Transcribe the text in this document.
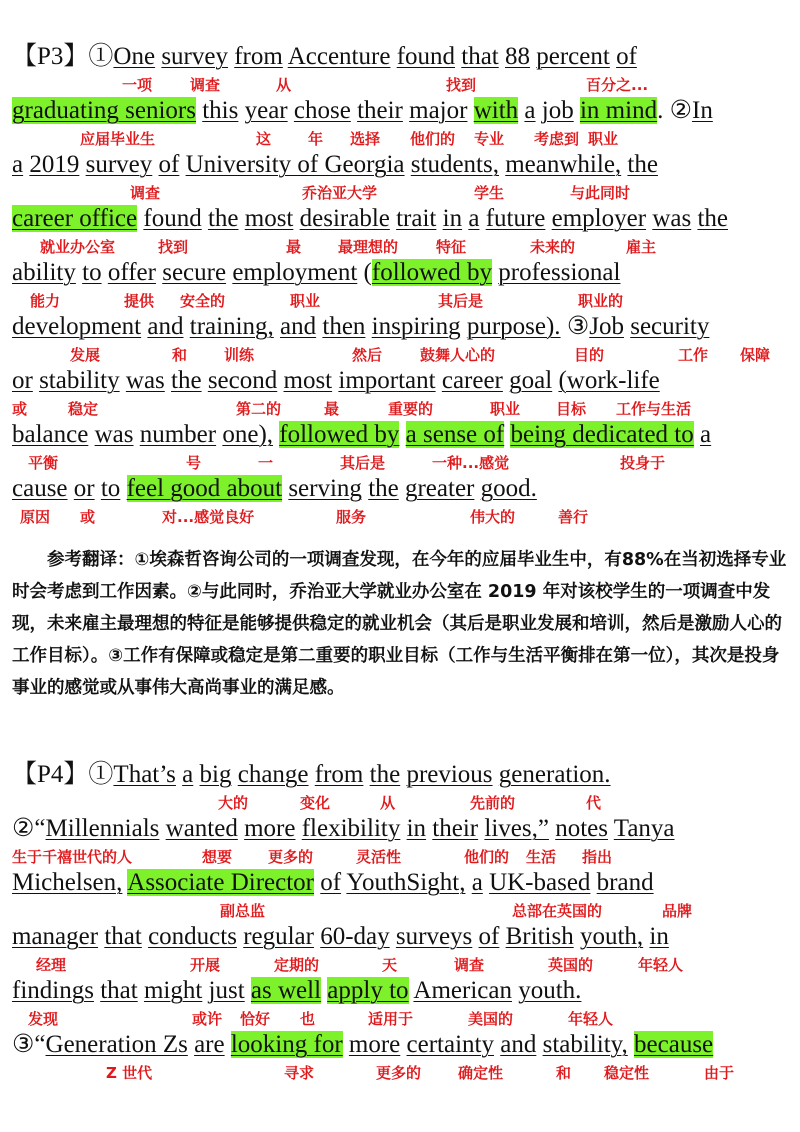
【P3】①One survey from Accenture found that 88 percent of
一项	调查	从	找到	百分之...
graduating seniors this year chose their major with a job in mind. ②In
应届毕业生	这 年 选择 他们的 专业 考虑到 职业
a 2019 survey of University of Georgia students, meanwhile, the
调查	乔治亚大学	学生	与此同时
career office found the most desirable trait in a future employer was the
就业办公室	找到	最 最理想的	特征	未来的	雇主
ability to offer secure employment (followed by professional
能力	提供 安全的	职业	其后是	职业的
development and training, and then inspiring purpose). ③Job security
发展	和 训练	然后	鼓舞人心的	目的	工作 保障
or stability was the second most important career goal (work-life
或	稳定	第二的	最	重要的	职业 目标 工作与生活
balance was number one), followed by a sense of being dedicated to a
平衡	号	一	其后是	一种...感觉	投身于
cause or to feel good about serving the greater good.
原因 或	对...感觉良好	服务	伟大的	善行
　　参考翻译：①埃森哲咨询公司的一项调查发现，在今年的应届毕业生中，有88%在当初选择专业时会考虑到工作因素。②与此同时，乔治亚大学就业办公室在 2019 年对该校学生的一项调查中发现，未来雇主最理想的特征是能够提供稳定的就业机会（其后是职业发展和培训，然后是激励人心的工作目标）。③工作有保障或稳定是第二重要的职业目标（工作与生活平衡排在第一位），其次是投身事业的感觉或从事伟大高尚事业的满足感。
【P4】①That’s a big change from the previous generation.
大的	变化	从	先前的	代
②“Millennials wanted more flexibility in their lives,” notes Tanya
生于千禧世代的人	想要 更多的	灵活性	他们的 生活 指出
Michelsen, Associate Director of YouthSight, a UK-based brand
副总监	总部在英国的	品牌
manager that conducts regular 60-day surveys of British youth, in
经理	开展	定期的	天	调查	英国的	年轻人
findings that might just as well apply to American youth.
发现	或许 恰好 也	适用于	美国的	年轻人
③“Generation Zs are looking for more certainty and stability, because
Z 世代	寻求	更多的 确定性	和 稳定性	由于
